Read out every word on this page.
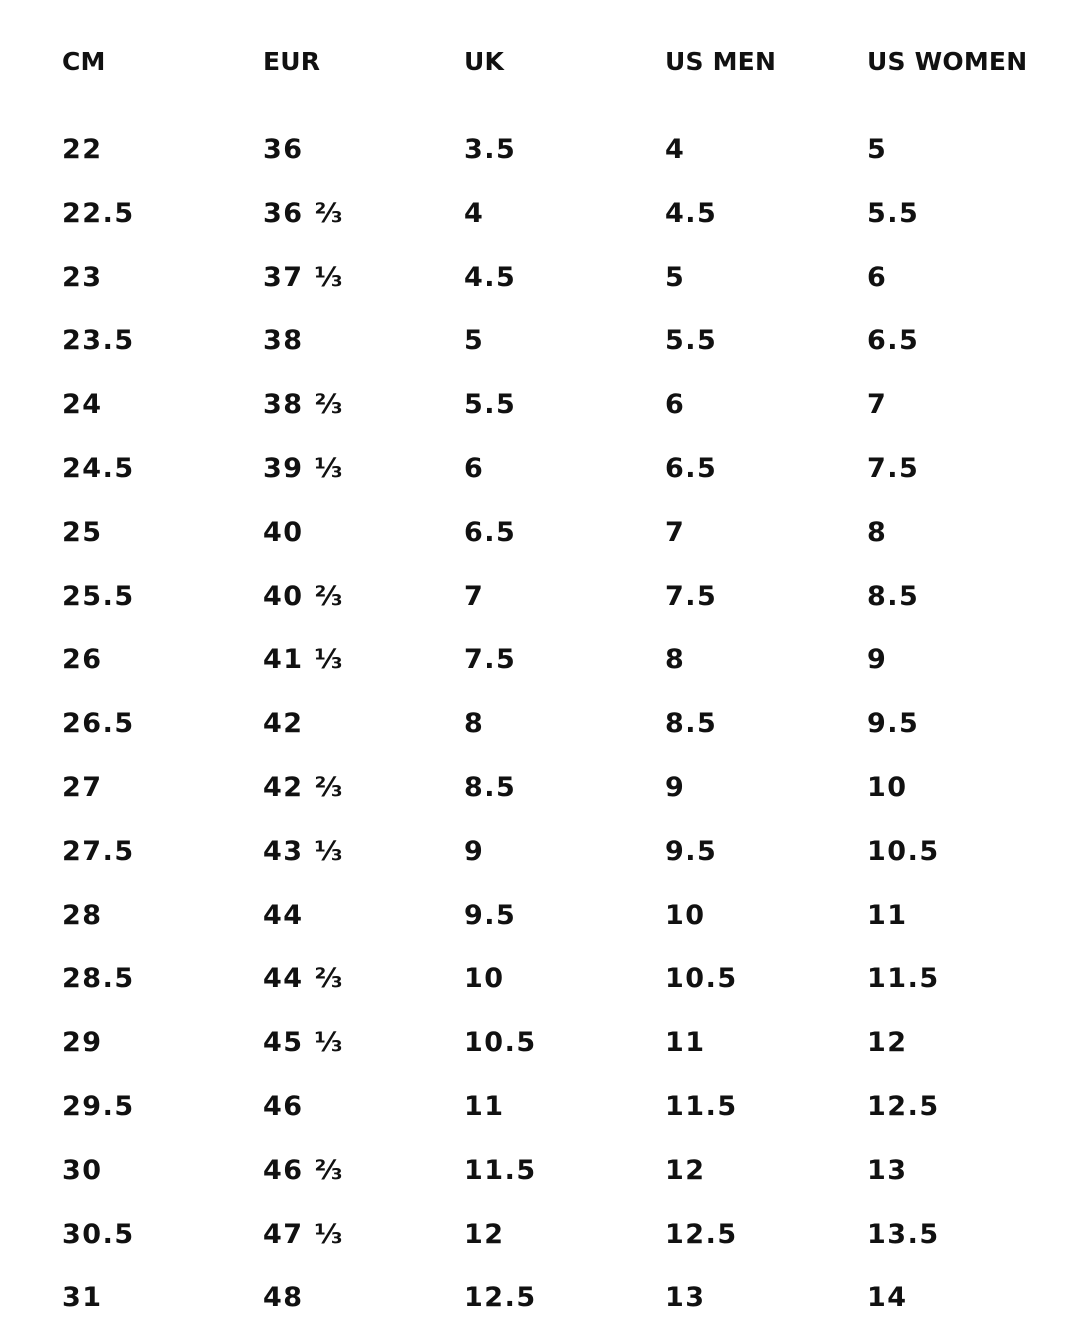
CM	EUR	UK	US MEN	US WOMEN
22	36	3.5	4	5
22.5	36 ⅔	4	4.5	5.5
23	37 ⅓	4.5	5	6
23.5	38	5	5.5	6.5
24	38 ⅔	5.5	6	7
24.5	39 ⅓	6	6.5	7.5
25	40	6.5	7	8
25.5	40 ⅔	7	7.5	8.5
26	41 ⅓	7.5	8	9
26.5	42	8	8.5	9.5
27	42 ⅔	8.5	9	10
27.5	43 ⅓	9	9.5	10.5
28	44	9.5	10	11
28.5	44 ⅔	10	10.5	11.5
29	45 ⅓	10.5	11	12
29.5	46	11	11.5	12.5
30	46 ⅔	11.5	12	13
30.5	47 ⅓	12	12.5	13.5
31	48	12.5	13	14
